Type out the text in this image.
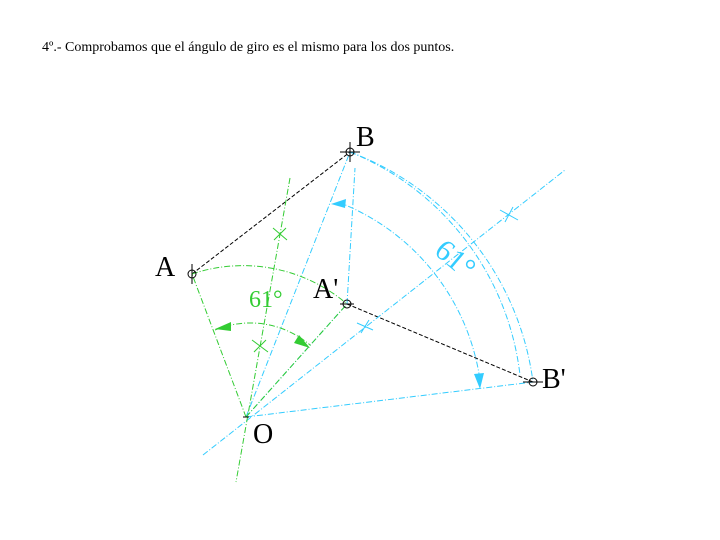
4º.- Comprobamos que el ángulo de giro es el mismo para los dos puntos.
A
B
A'
B'
O
61°
61°
